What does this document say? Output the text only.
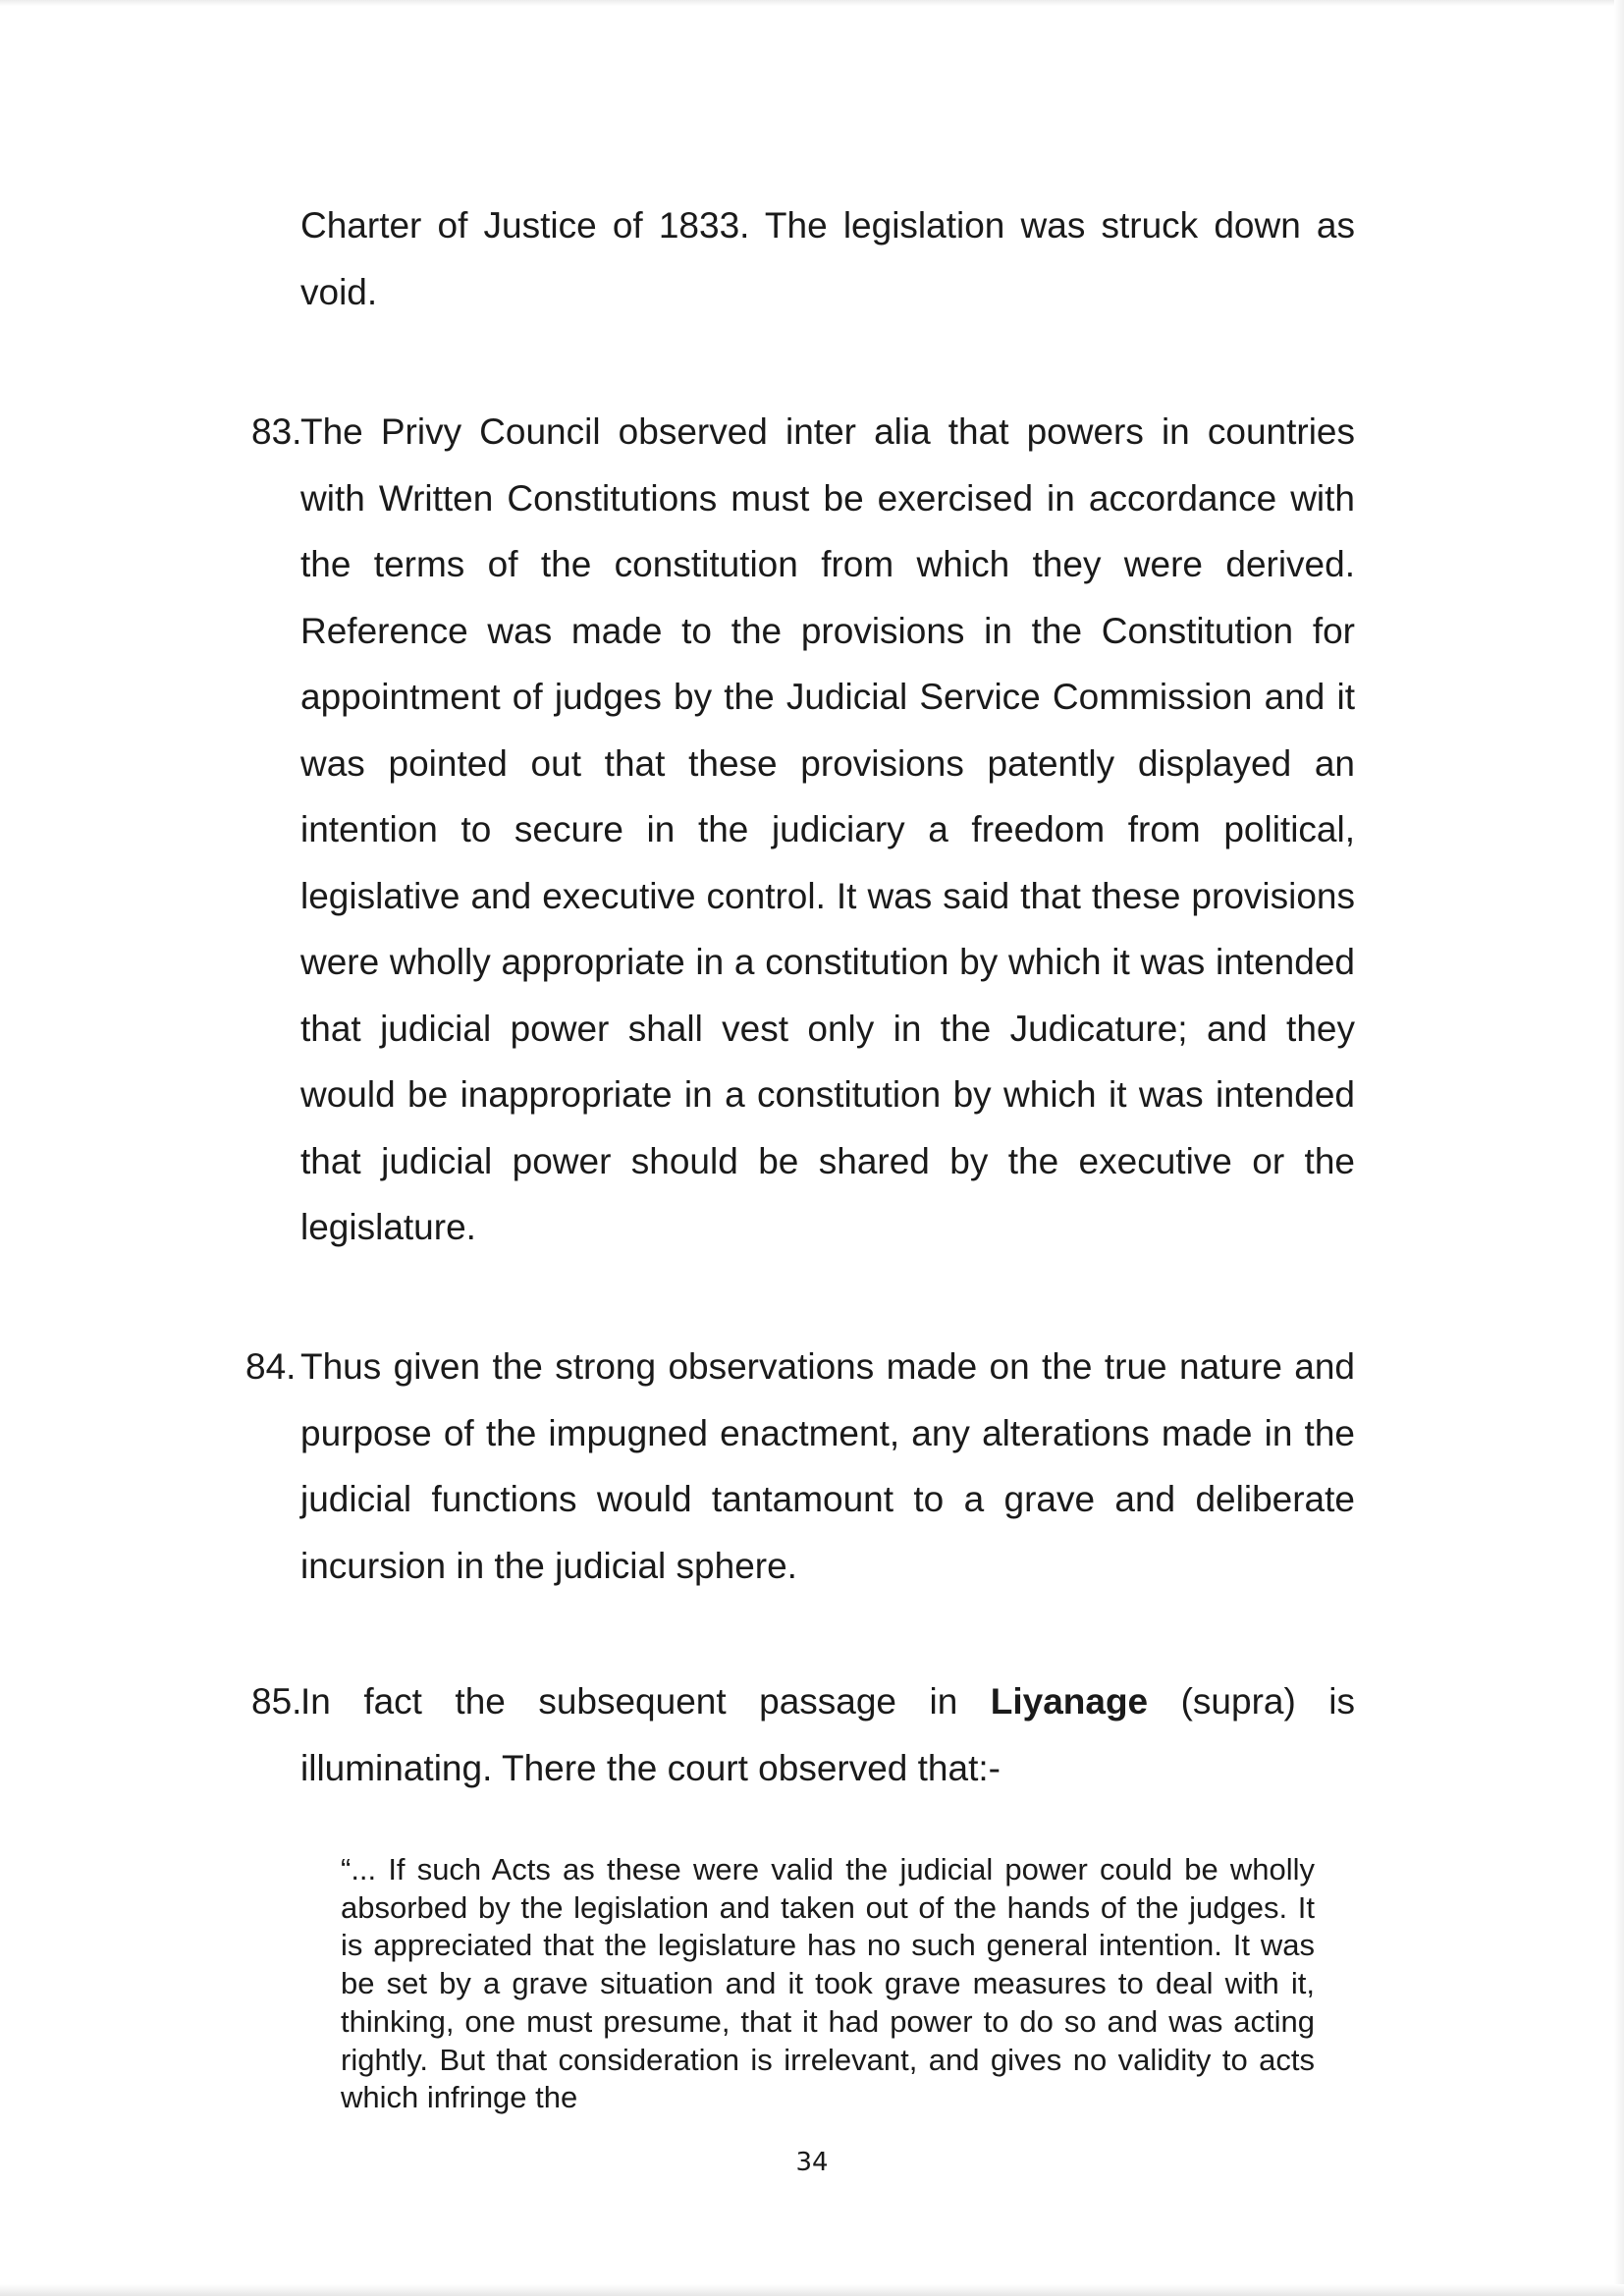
Charter of Justice of 1833. The legislation was struck down as void.

83.

The Privy Council observed inter alia that powers in countries with Written Constitutions must be exercised in accordance with the terms of the constitution from which they were derived. Reference was made to the provisions in the Constitution for appointment of judges by the Judicial Service Commission and it was pointed out that these provisions patently displayed an intention to secure in the judiciary a freedom from political, legislative and executive control. It was said that these provisions were wholly appropriate in a constitution by which it was intended that judicial power shall vest only in the Judicature; and they would be inappropriate in a constitution by which it was intended that judicial power should be shared by the executive or the legislature.

84. Thus given the strong observations made on the true nature and purpose of the impugned enactment, any alterations made in the judicial functions would tantamount to a grave and deliberate incursion in the judicial sphere.

85.

In fact the subsequent passage in Liyanage (supra) is illuminating. There the court observed that:-

“... If such Acts as these were valid the judicial power could be wholly absorbed by the legislation and taken out of the hands of the judges. It is appreciated that the legislature has no such general intention. It was be set by a grave situation and it took grave measures to deal with it, thinking, one must presume, that it had power to do so and was acting rightly. But that consideration is irrelevant, and gives no validity to acts which infringe the

34
